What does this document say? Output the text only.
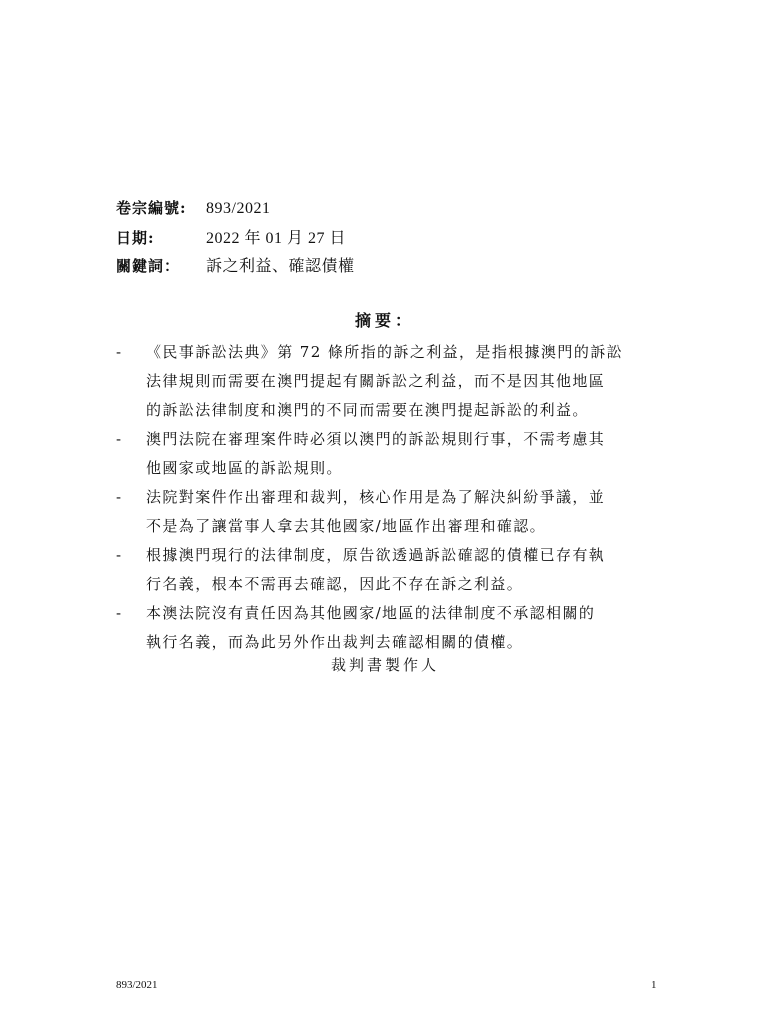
卷宗編號:	893/2021
日期:	2022 年 01 月 27 日
關鍵詞：	訴之利益、確認債權
摘要：
-	《民事訴訟法典》第 72 條所指的訴之利益，是指根據澳門的訴訟
法律規則而需要在澳門提起有關訴訟之利益，而不是因其他地區
的訴訟法律制度和澳門的不同而需要在澳門提起訴訟的利益。
-	澳門法院在審理案件時必須以澳門的訴訟規則行事，不需考慮其
他國家或地區的訴訟規則。
-	法院對案件作出審理和裁判，核心作用是為了解決糾紛爭議，並
不是為了讓當事人拿去其他國家/地區作出審理和確認。
-	根據澳門現行的法律制度，原告欲透過訴訟確認的債權已存有執
行名義，根本不需再去確認，因此不存在訴之利益。
-	本澳法院沒有責任因為其他國家/地區的法律制度不承認相關的
執行名義，而為此另外作出裁判去確認相關的債權。
裁判書製作人
893/2021	1
